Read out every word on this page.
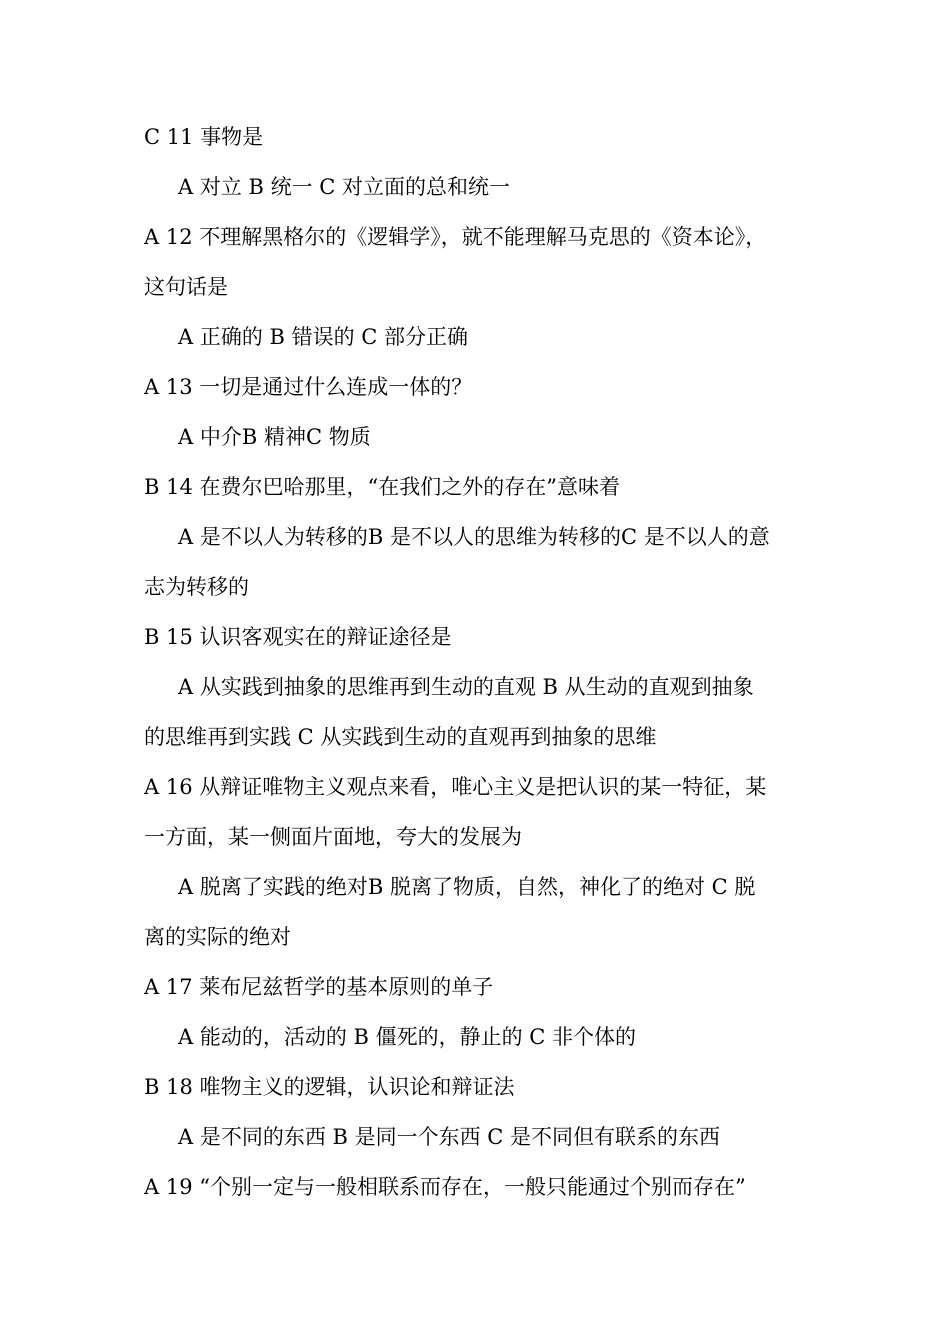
C 11 事物是
A 对立 B 统一 C 对立面的总和统一
A 12 不理解黑格尔的《逻辑学》，就不能理解马克思的《资本论》，
这句话是
A 正确的 B 错误的 C 部分正确
A 13 一切是通过什么连成一体的？
A 中介B 精神C 物质
B 14 在费尔巴哈那里，“在我们之外的存在”意味着
A 是不以人为转移的B 是不以人的思维为转移的C 是不以人的意
志为转移的
B 15 认识客观实在的辩证途径是
A 从实践到抽象的思维再到生动的直观 B 从生动的直观到抽象
的思维再到实践 C 从实践到生动的直观再到抽象的思维
A 16 从辩证唯物主义观点来看，唯心主义是把认识的某一特征，某
一方面，某一侧面片面地，夸大的发展为
A 脱离了实践的绝对B 脱离了物质，自然，神化了的绝对 C 脱
离的实际的绝对
A 17 莱布尼兹哲学的基本原则的单子
A 能动的，活动的 B 僵死的，静止的 C 非个体的
B 18 唯物主义的逻辑，认识论和辩证法
A 是不同的东西 B 是同一个东西 C 是不同但有联系的东西
A 19 “个别一定与一般相联系而存在，一般只能通过个别而存在”
